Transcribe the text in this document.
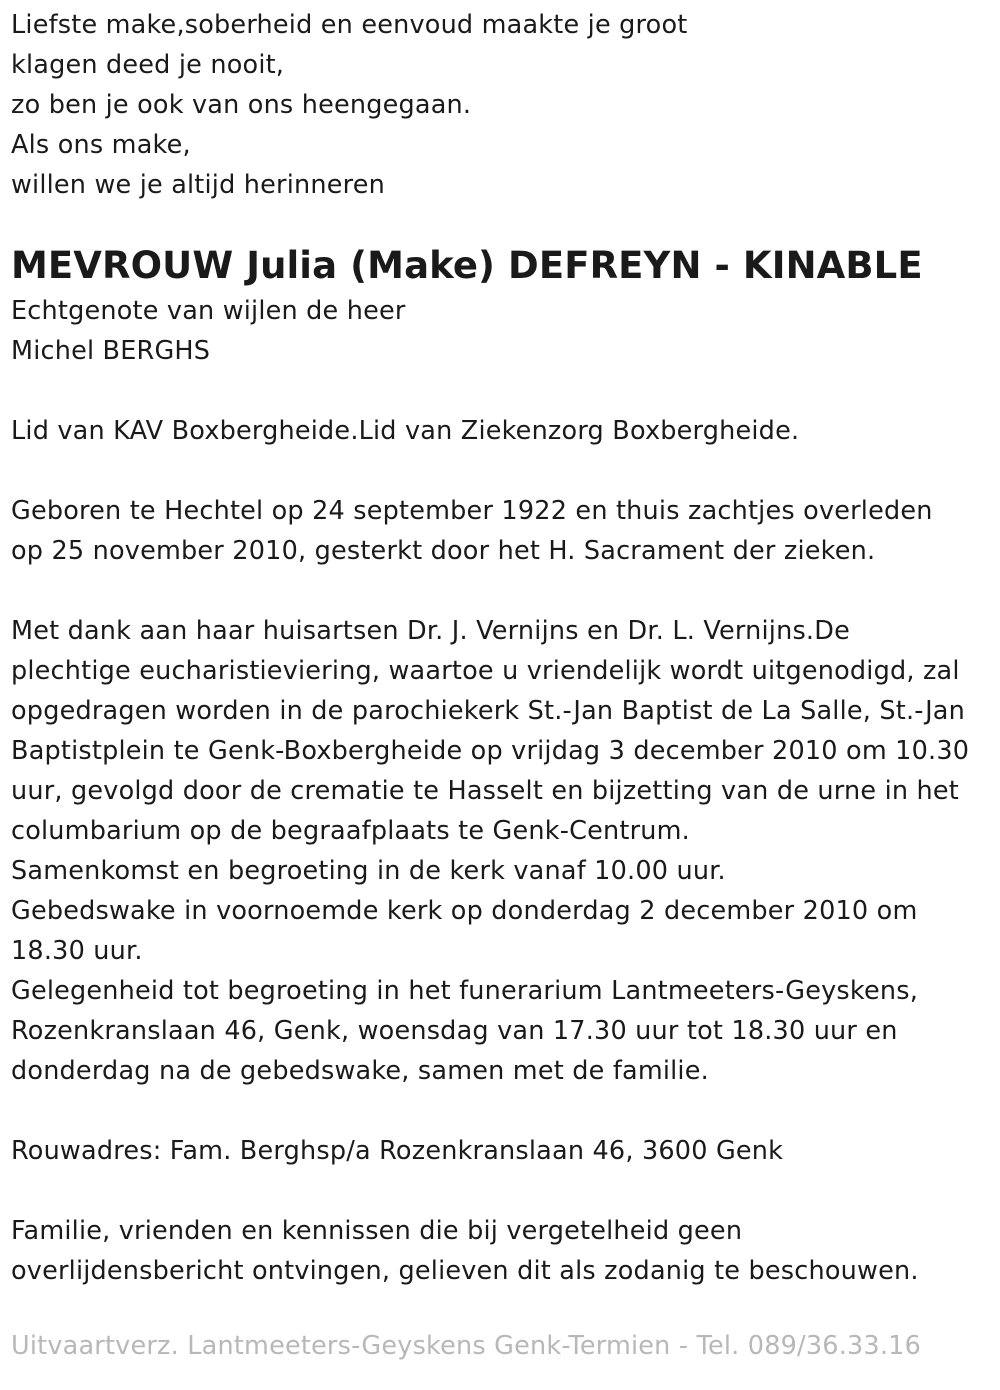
Liefste make,soberheid en eenvoud maakte je groot
klagen deed je nooit,
zo ben je ook van ons heengegaan.
Als ons make,
willen we je altijd herinneren
MEVROUW Julia (Make) DEFREYN - KINABLE
Echtgenote van wijlen de heer
Michel BERGHS
Lid van KAV Boxbergheide.Lid van Ziekenzorg Boxbergheide.
Geboren te Hechtel op 24 september 1922 en thuis zachtjes overleden
op 25 november 2010, gesterkt door het H. Sacrament der zieken.
Met dank aan haar huisartsen Dr. J. Vernijns en Dr. L. Vernijns.De
plechtige eucharistieviering, waartoe u vriendelijk wordt uitgenodigd, zal
opgedragen worden in de parochiekerk St.-Jan Baptist de La Salle, St.-Jan
Baptistplein te Genk-Boxbergheide op vrijdag 3 december 2010 om 10.30
uur, gevolgd door de crematie te Hasselt en bijzetting van de urne in het
columbarium op de begraafplaats te Genk-Centrum.
Samenkomst en begroeting in de kerk vanaf 10.00 uur.
Gebedswake in voornoemde kerk op donderdag 2 december 2010 om
18.30 uur.
Gelegenheid tot begroeting in het funerarium Lantmeeters-Geyskens,
Rozenkranslaan 46, Genk, woensdag van 17.30 uur tot 18.30 uur en
donderdag na de gebedswake, samen met de familie.
Rouwadres: Fam. Berghsp/a Rozenkranslaan 46, 3600 Genk
Familie, vrienden en kennissen die bij vergetelheid geen
overlijdensbericht ontvingen, gelieven dit als zodanig te beschouwen.
Uitvaartverz. Lantmeeters-Geyskens Genk-Termien - Tel. 089/36.33.16
